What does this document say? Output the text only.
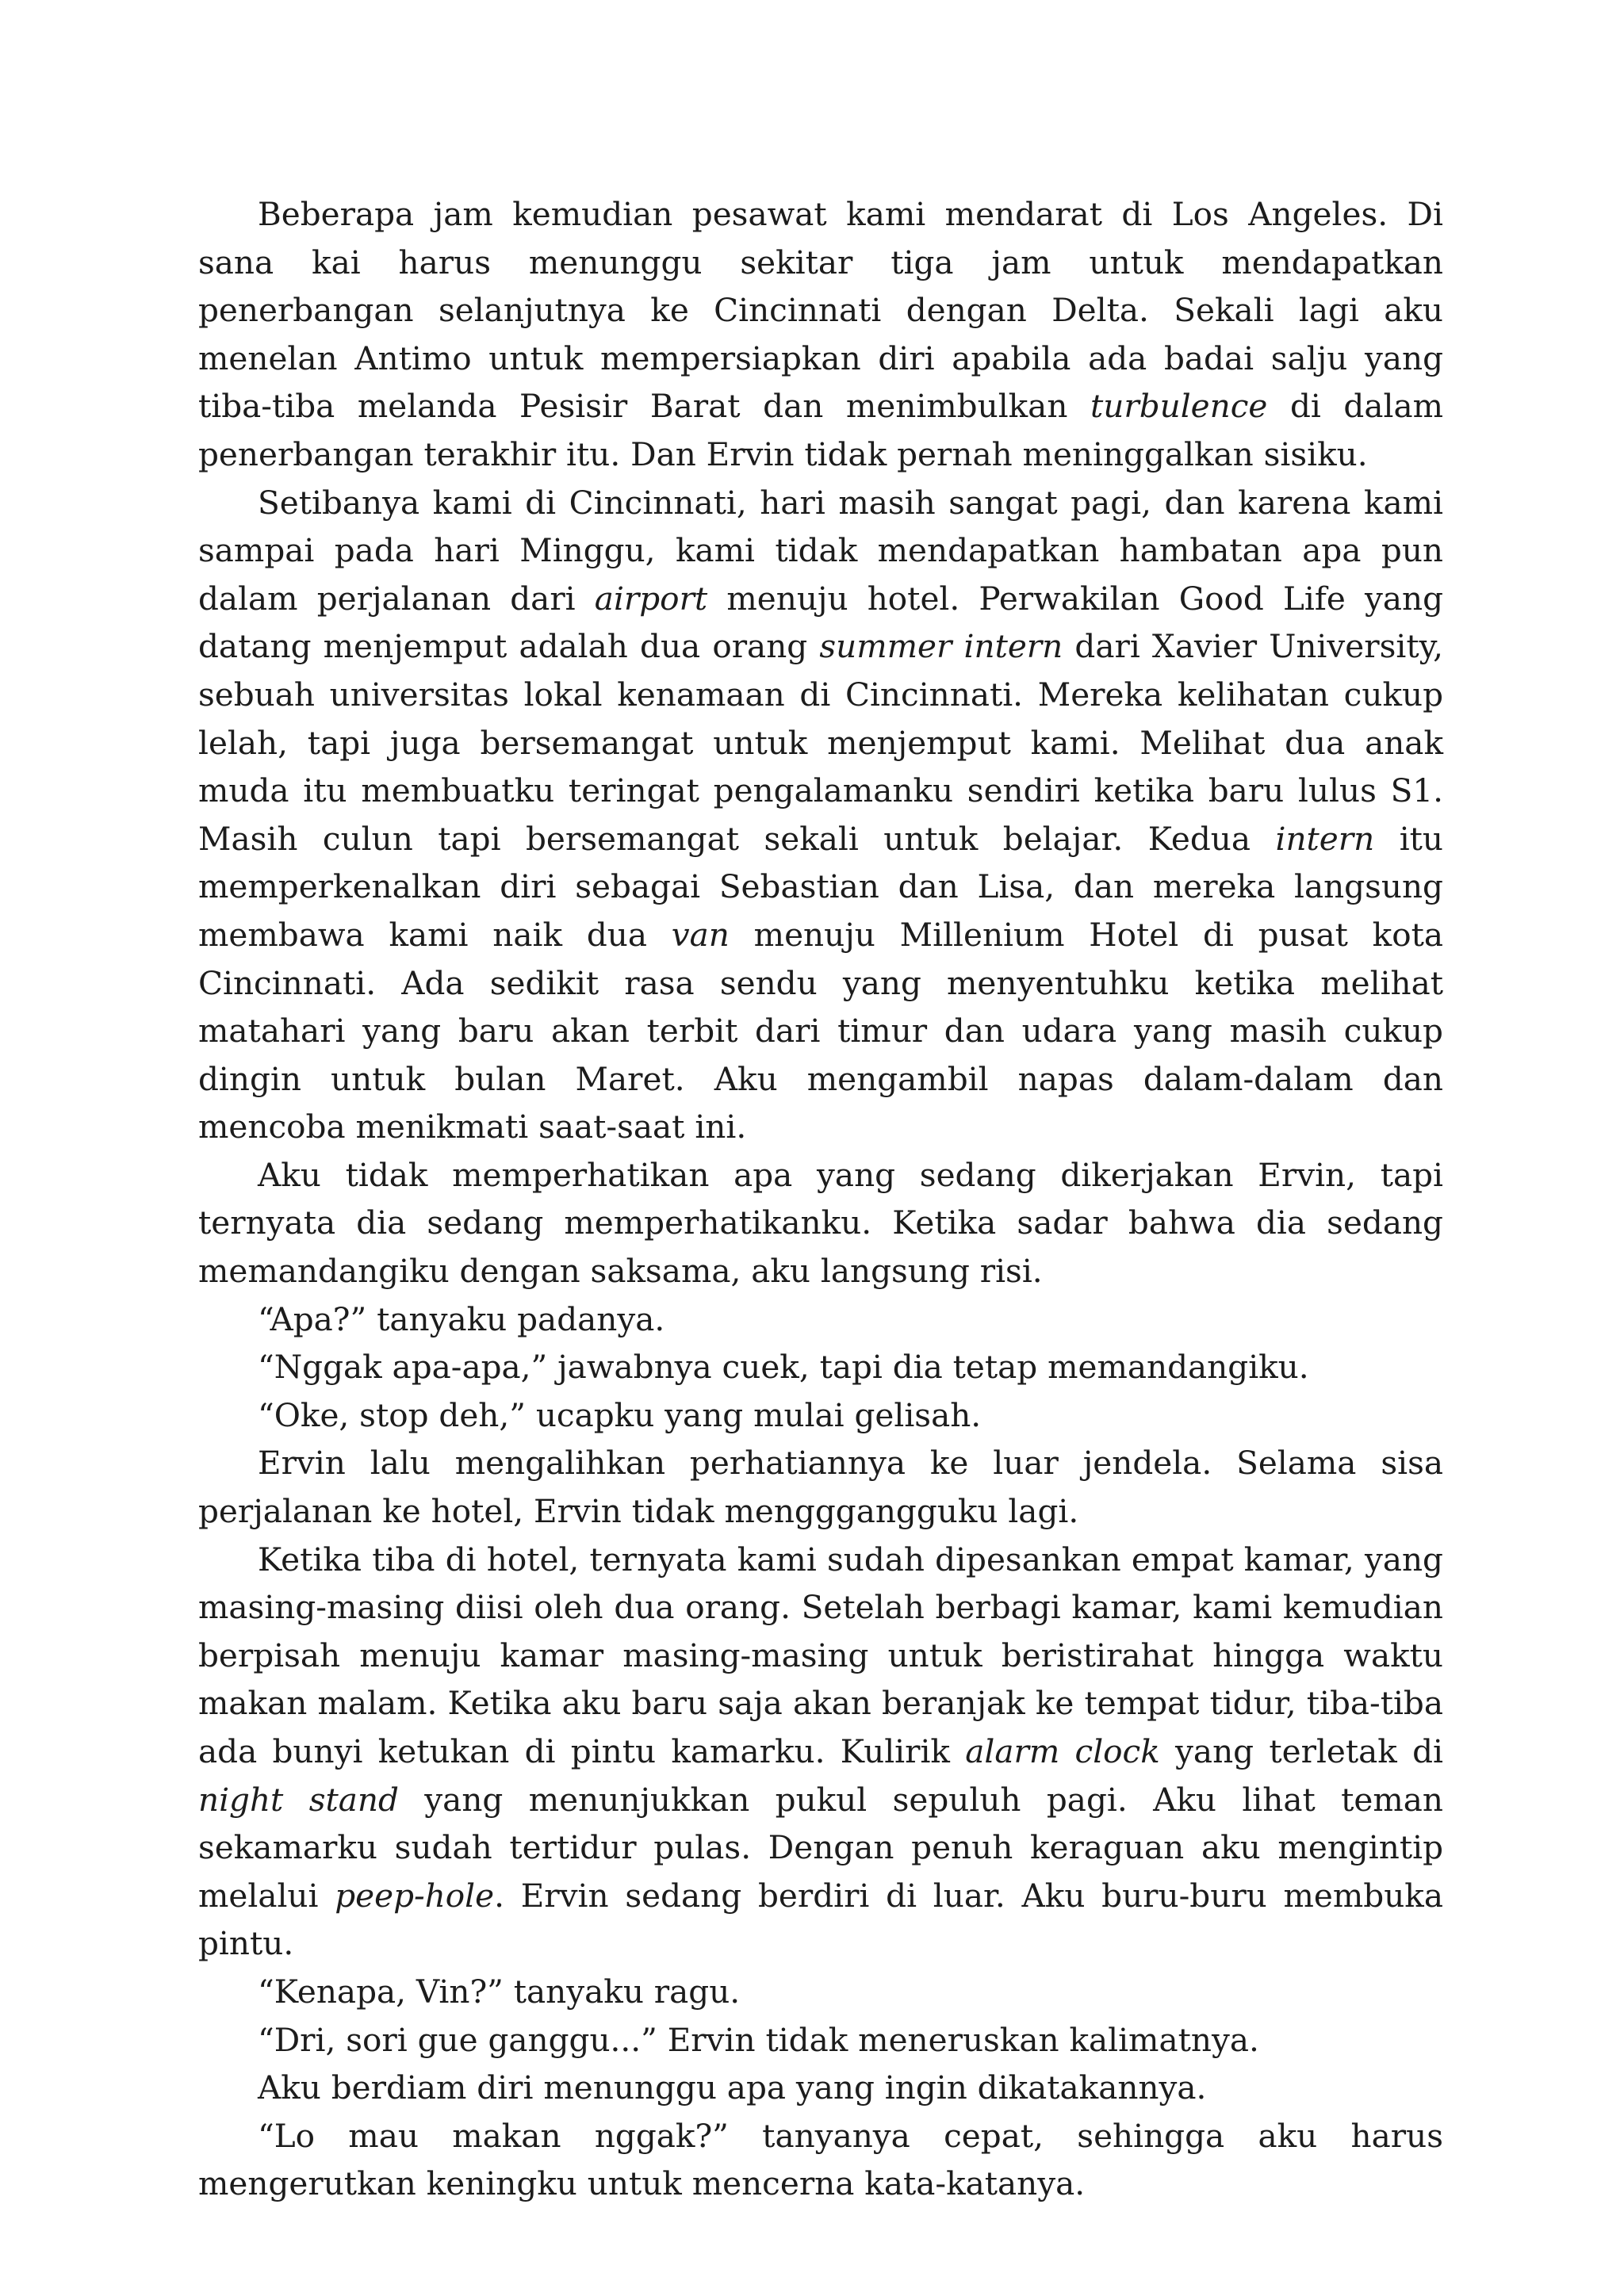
Beberapa jam kemudian pesawat kami mendarat di Los Angeles. Di sana kai harus menunggu sekitar tiga jam untuk mendapatkan penerbangan selanjutnya ke Cincinnati dengan Delta. Sekali lagi aku menelan Antimo untuk mempersiapkan diri apabila ada badai salju yang tiba-tiba melanda Pesisir Barat dan menimbulkan turbulence di dalam penerbangan terakhir itu. Dan Ervin tidak pernah meninggalkan sisiku.

Setibanya kami di Cincinnati, hari masih sangat pagi, dan karena kami sampai pada hari Minggu, kami tidak mendapatkan hambatan apa pun dalam perjalanan dari airport menuju hotel. Perwakilan Good Life yang datang menjemput adalah dua orang summer intern dari Xavier University, sebuah universitas lokal kenamaan di Cincinnati. Mereka kelihatan cukup lelah, tapi juga bersemangat untuk menjemput kami. Melihat dua anak muda itu membuatku teringat pengalamanku sendiri ketika baru lulus S1. Masih culun tapi bersemangat sekali untuk belajar. Kedua intern itu memperkenalkan diri sebagai Sebastian dan Lisa, dan mereka langsung membawa kami naik dua van menuju Millenium Hotel di pusat kota Cincinnati. Ada sedikit rasa sendu yang menyentuhku ketika melihat matahari yang baru akan terbit dari timur dan udara yang masih cukup dingin untuk bulan Maret. Aku mengambil napas dalam-dalam dan mencoba menikmati saat-saat ini.

Aku tidak memperhatikan apa yang sedang dikerjakan Ervin, tapi ternyata dia sedang memperhatikanku. Ketika sadar bahwa dia sedang memandangiku dengan saksama, aku langsung risi.

“Apa?” tanyaku padanya.

“Nggak apa-apa,” jawabnya cuek, tapi dia tetap memandangiku.

“Oke, stop deh,” ucapku yang mulai gelisah.

Ervin lalu mengalihkan perhatiannya ke luar jendela. Selama sisa perjalanan ke hotel, Ervin tidak mengggangguku lagi.

Ketika tiba di hotel, ternyata kami sudah dipesankan empat kamar, yang masing-masing diisi oleh dua orang. Setelah berbagi kamar, kami kemudian berpisah menuju kamar masing-masing untuk beristirahat hingga waktu makan malam. Ketika aku baru saja akan beranjak ke tempat tidur, tiba-tiba ada bunyi ketukan di pintu kamarku. Kulirik alarm clock yang terletak di night stand yang menunjukkan pukul sepuluh pagi. Aku lihat teman sekamarku sudah tertidur pulas. Dengan penuh keraguan aku mengintip melalui peep-hole. Ervin sedang berdiri di luar. Aku buru-buru membuka pintu.

“Kenapa, Vin?” tanyaku ragu.

“Dri, sori gue ganggu...” Ervin tidak meneruskan kalimatnya.

Aku berdiam diri menunggu apa yang ingin dikatakannya.

“Lo mau makan nggak?” tanyanya cepat, sehingga aku harus mengerutkan keningku untuk mencerna kata-katanya.
